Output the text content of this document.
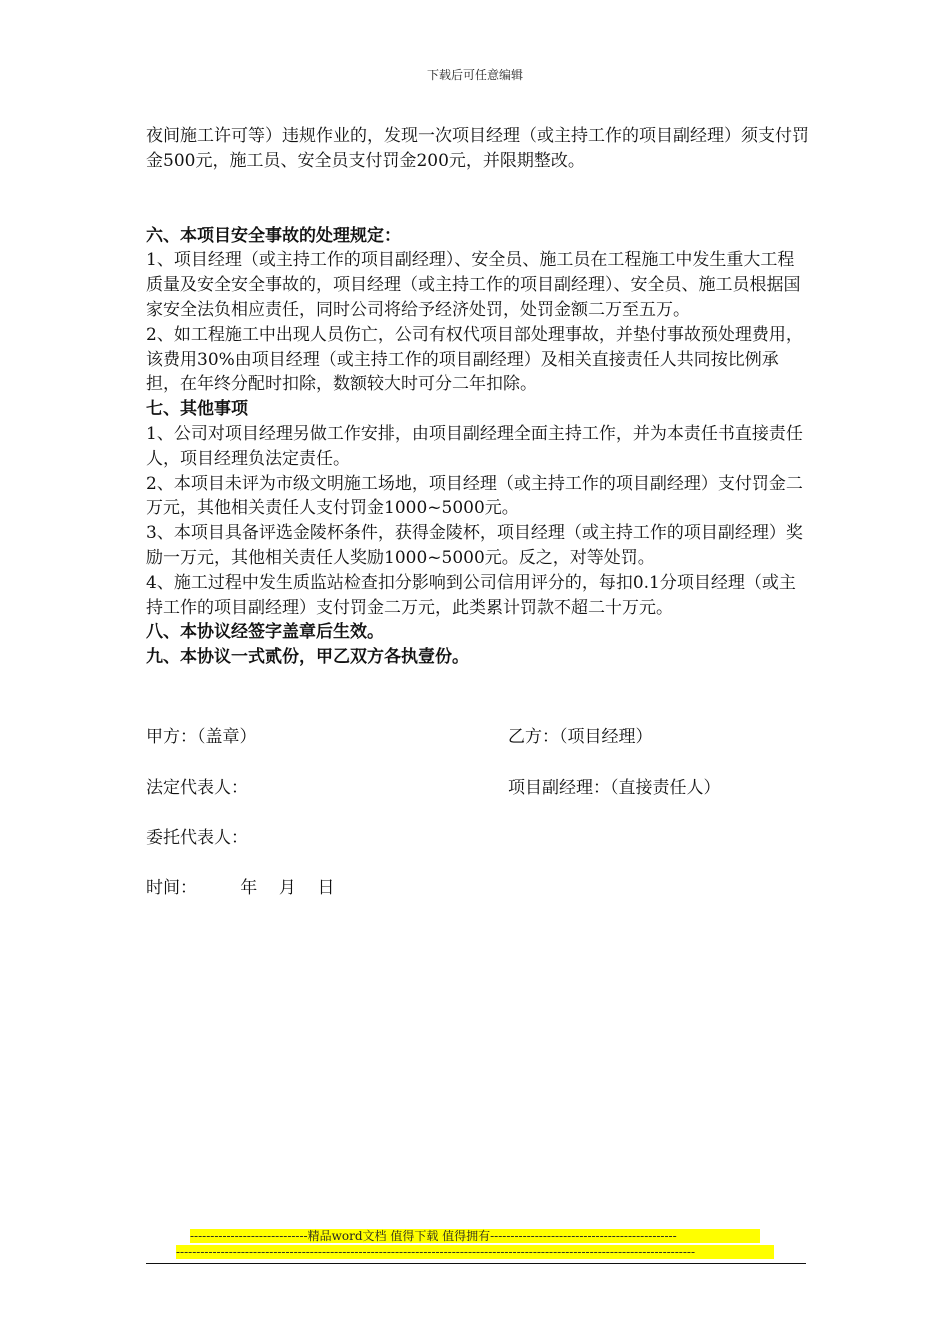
下载后可任意编辑

夜间施工许可等）违规作业的，发现一次项目经理（或主持工作的项目副经理）须支付罚金500元，施工员、安全员支付罚金200元，并限期整改。

六、本项目安全事故的处理规定：

1、项目经理（或主持工作的项目副经理）、安全员、施工员在工程施工中发生重大工程质量及安全安全事故的，项目经理（或主持工作的项目副经理）、安全员、施工员根据国家安全法负相应责任，同时公司将给予经济处罚，处罚金额二万至五万。

2、如工程施工中出现人员伤亡，公司有权代项目部处理事故，并垫付事故预处理费用，该费用30%由项目经理（或主持工作的项目副经理）及相关直接责任人共同按比例承担，在年终分配时扣除，数额较大时可分二年扣除。

七、其他事项

1、公司对项目经理另做工作安排，由项目副经理全面主持工作，并为本责任书直接责任人，项目经理负法定责任。

2、本项目未评为市级文明施工场地，项目经理（或主持工作的项目副经理）支付罚金二万元，其他相关责任人支付罚金1000~5000元。

3、本项目具备评选金陵杯条件，获得金陵杯，项目经理（或主持工作的项目副经理）奖励一万元，其他相关责任人奖励1000~5000元。反之，对等处罚。

4、施工过程中发生质监站检查扣分影响到公司信用评分的，每扣0.1分项目经理（或主持工作的项目副经理）支付罚金二万元，此类累计罚款不超二十万元。

八、本协议经签字盖章后生效。

九、本协议一式贰份，甲乙双方各执壹份。

甲方：（盖章）	乙方：（项目经理）
法定代表人：	项目副经理：（直接责任人）
委托代表人：
时间：        年    月    日
-----------------------------精品word文档 值得下载 值得拥有----------------------------------------------
--------------------------------------------------------------------------------------------------------------------------------
